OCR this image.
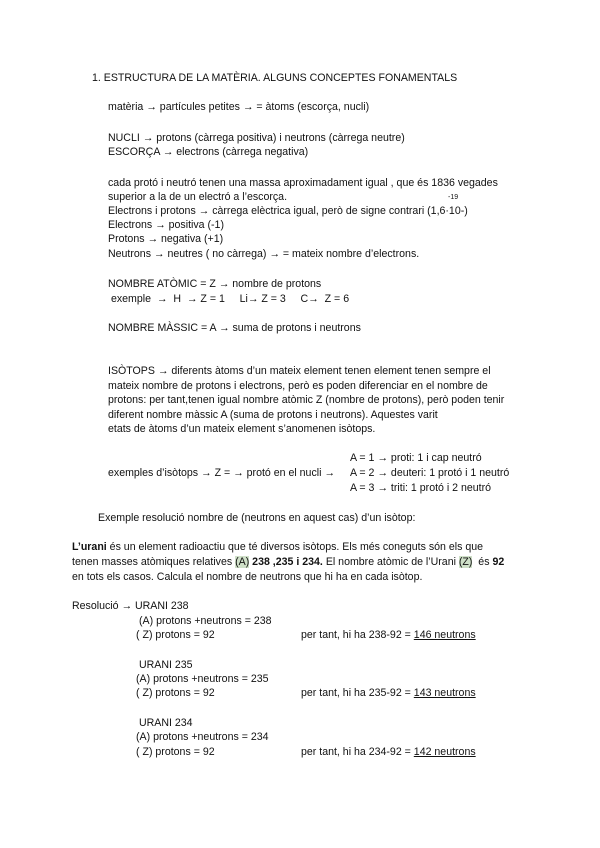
1. ESTRUCTURA DE LA MATÈRIA. ALGUNS CONCEPTES FONAMENTALS
matèria → partícules petites → = àtoms (escorça, nucli)
NUCLI → protons (càrrega positiva) i neutrons (càrrega neutre)
ESCORÇA → electrons (càrrega negativa)
cada protó i neutró tenen una massa aproximadament igual , que és 1836 vegades
superior a la de un electró a l’escorça.	-19
Electrons i protons → càrrega elèctrica igual, però de signe contrari (1,6·10-)
Electrons → positiva (-1)
Protons → negativa (+1)
Neutrons → neutres ( no càrrega) → = mateix nombre d’electrons.
NOMBRE ATÒMIC = Z → nombre de protons
exemple  →  H  → Z = 1     Li→ Z = 3     C→  Z = 6
NOMBRE MÀSSIC = A → suma de protons i neutrons
ISÒTOPS → diferents àtoms d’un mateix element tenen element tenen sempre el
mateix nombre de protons i electrons, però es poden diferenciar en el nombre de
protons: per tant,tenen igual nombre atòmic Z (nombre de protons), però poden tenir
diferent nombre màssic A (suma de protons i neutrons). Aquestes varit
etats de àtoms d’un mateix element s’anomenen isòtops.
A = 1 → proti: 1 i cap neutró
exemples d’isòtops → Z = → protó en el nucli → A = 2 → deuteri: 1 protó i 1 neutró
A = 3 → triti: 1 protó i 2 neutró
Exemple resolució nombre de (neutrons en aquest cas) d’un isòtop:
L’urani és un element radioactiu que té diversos isòtops. Els més coneguts són els que
tenen masses atòmiques relatives (A) 238 ,235 i 234. El nombre atòmic de l’Urani (Z)  és 92
en tots els casos. Calcula el nombre de neutrons que hi ha en cada isòtop.
Resolució → URANI 238
(A) protons +neutrons = 238
( Z) protons = 92	per tant, hi ha 238-92 = 146 neutrons
URANI 235
(A) protons +neutrons = 235
( Z) protons = 92	per tant, hi ha 235-92 = 143 neutrons
URANI 234
(A) protons +neutrons = 234
( Z) protons = 92	per tant, hi ha 234-92 = 142 neutrons
